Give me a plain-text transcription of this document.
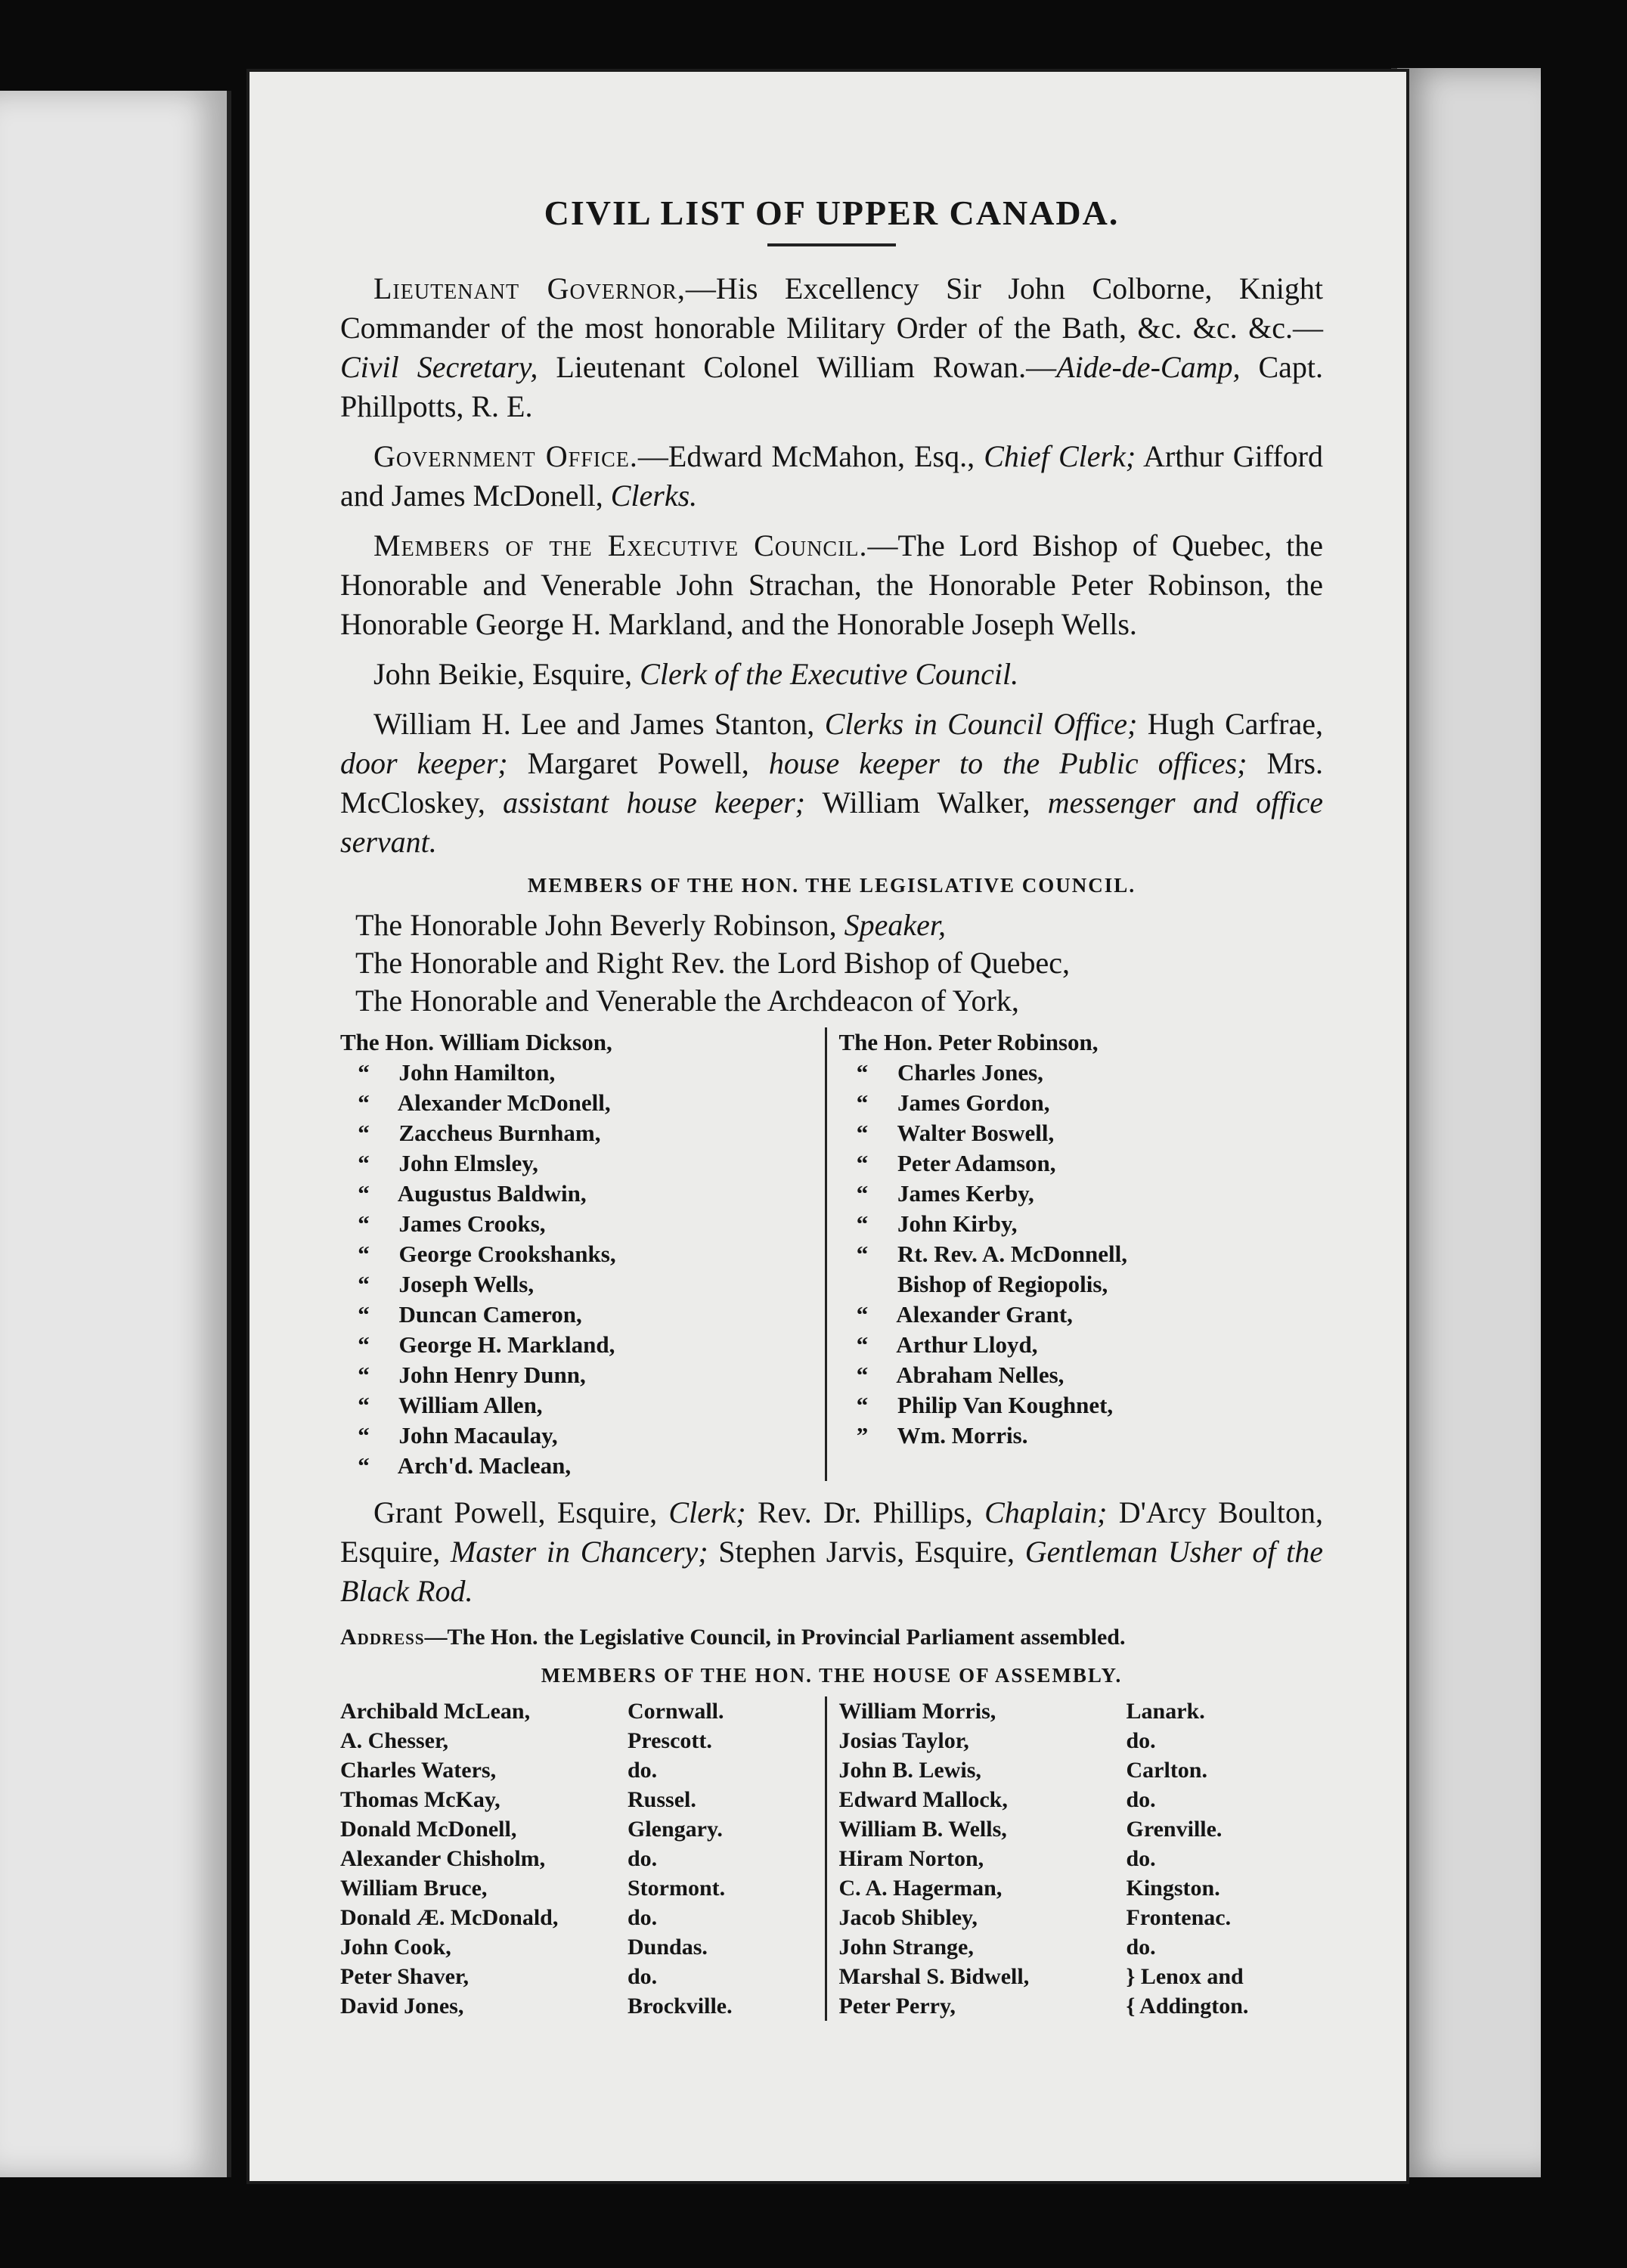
CIVIL LIST OF UPPER CANADA.

Lieutenant Governor,—His Excellency Sir John Colborne, Knight Commander of the most honorable Military Order of the Bath, &c. &c. &c.—Civil Secretary, Lieutenant Colonel William Rowan.—Aide-de-Camp, Capt. Phillpotts, R. E.

Government Office.—Edward McMahon, Esq., Chief Clerk; Arthur Gifford and James McDonell, Clerks.

Members of the Executive Council.—The Lord Bishop of Quebec, the Honorable and Venerable John Strachan, the Honorable Peter Robinson, the Honorable George H. Markland, and the Honorable Joseph Wells.

John Beikie, Esquire, Clerk of the Executive Council.

William H. Lee and James Stanton, Clerks in Council Office; Hugh Carfrae, door keeper; Margaret Powell, house keeper to the Public offices; Mrs. McCloskey, assistant house keeper; William Walker, messenger and office servant.

MEMBERS OF THE HON. THE LEGISLATIVE COUNCIL.
The Honorable John Beverly Robinson, Speaker,
The Honorable and Right Rev. the Lord Bishop of Quebec,
The Honorable and Venerable the Archdeacon of York,
The Hon. William Dickson,
“     John Hamilton,
“     Alexander McDonell,
“     Zaccheus Burnham,
“     John Elmsley,
“     Augustus Baldwin,
“     James Crooks,
“     George Crookshanks,
“     Joseph Wells,
“     Duncan Cameron,
“     George H. Markland,
“     John Henry Dunn,
“     William Allen,
“     John Macaulay,
“     Arch'd. Maclean,
The Hon. Peter Robinson,
“     Charles Jones,
“     James Gordon,
“     Walter Boswell,
“     Peter Adamson,
“     James Kerby,
“     John Kirby,
“     Rt. Rev. A. McDonnell,
Bishop of Regiopolis,
“     Alexander Grant,
“     Arthur Lloyd,
“     Abraham Nelles,
“     Philip Van Koughnet,
”     Wm. Morris.

Grant Powell, Esquire, Clerk; Rev. Dr. Phillips, Chaplain; D'Arcy Boulton, Esquire, Master in Chancery; Stephen Jarvis, Esquire, Gentleman Usher of the Black Rod.

Address—The Hon. the Legislative Council, in Provincial Parliament assembled.
MEMBERS OF THE HON. THE HOUSE OF ASSEMBLY.
Archibald McLean,	Cornwall.
A. Chesser,	Prescott.
Charles Waters,	do.
Thomas McKay,	Russel.
Donald McDonell,	Glengary.
Alexander Chisholm,	do.
William Bruce,	Stormont.
Donald Æ. McDonald,	do.
John Cook,	Dundas.
Peter Shaver,	do.
David Jones,	Brockville.
William Morris,	Lanark.
Josias Taylor,	do.
John B. Lewis,	Carlton.
Edward Mallock,	do.
William B. Wells,	Grenville.
Hiram Norton,	do.
C. A. Hagerman,	Kingston.
Jacob Shibley,	Frontenac.
John Strange,	do.
Marshal S. Bidwell,	} Lenox and
Peter Perry,	{ Addington.
